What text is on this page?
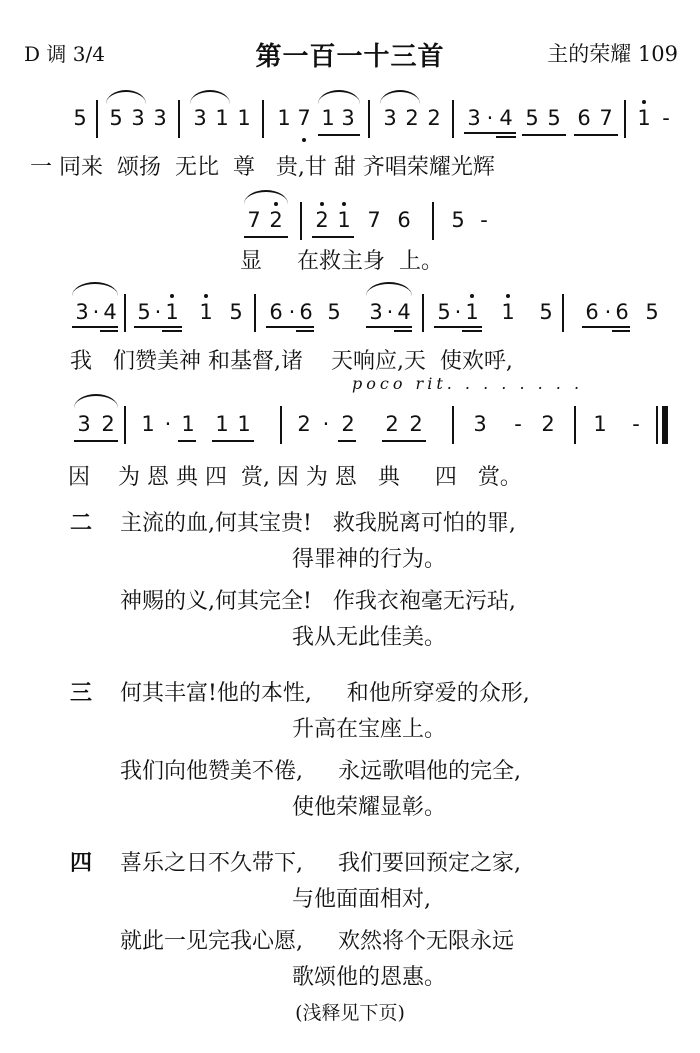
D 调 3/4	第一百一十三首	主的荣耀 109
5 5 3 3 3 1 1 1 7 1 3 3 2 2 3 · 4 5 5 6 7 1 -
一 同来  颂扬  无比  尊   贵,甘 甜 齐唱荣耀光辉
7 2 2 1 7 6 5 -
显     在救主身  上。
3 · 4 5 · 1 1 5 6 · 6 5 3 · 4 5 · 1 1 5 6 · 6 5
我   们赞美神 和基督,诸    天响应,天  使欢呼,
poco rit. . . . . . . .
3 2 1 · 1 1 1 2 · 2 2 2 3 - 2 1 -
因    为 恩 典 四  赏, 因 为 恩   典     四   赏。
二 主流的血,何其宝贵!   救我脱离可怕的罪,
得罪神的行为。
神赐的义,何其完全!   作我衣袍毫无污玷,
我从无此佳美。
三 何其丰富!他的本性,     和他所穿爱的众形,
升高在宝座上。
我们向他赞美不倦,     永远歌唱他的完全,
使他荣耀显彰。
四 喜乐之日不久带下,     我们要回预定之家,
与他面面相对,
就此一见完我心愿,     欢然将个无限永远
歌颂他的恩惠。
(浅释见下页)
